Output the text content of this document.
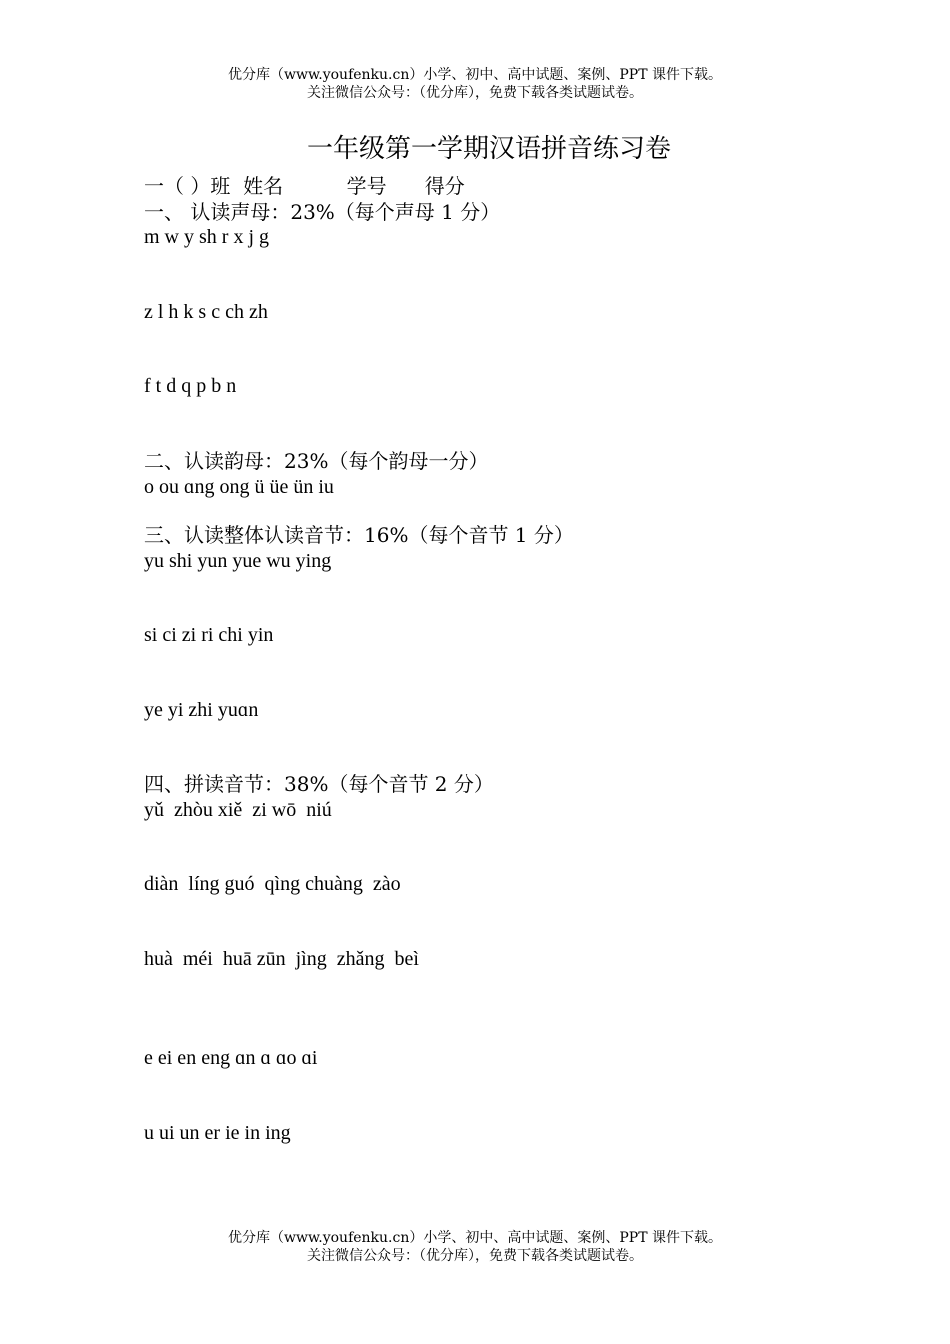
优分库（www.youfenku.cn）小学、初中、高中试题、案例、PPT 课件下载。
关注微信公众号：（优分库），免费下载各类试题试卷。
一年级第一学期汉语拼音练习卷
一（ ）班  姓名          学号      得分
一、 认读声母：23%（每个声母 1 分）
m w y sh r x j g
z l h k s c ch zh
f t d q p b n
二、认读韵母：23%（每个韵母一分）
o ou ɑng ong ü üe ün iu
三、认读整体认读音节：16%（每个音节 1 分）
yu shi yun yue wu ying
si ci zi ri chi yin
ye yi zhi yuɑn
四、拼读音节：38%（每个音节 2 分）
yǔ  zhòu xiě  zi wō  niú
diàn  líng guó  qìng chuàng  zào
huà  méi  huā zūn  jìng  zhǎng  beì
e ei en eng ɑn ɑ ɑo ɑi
u ui un er ie in ing
优分库（www.youfenku.cn）小学、初中、高中试题、案例、PPT 课件下载。
关注微信公众号：（优分库），免费下载各类试题试卷。
